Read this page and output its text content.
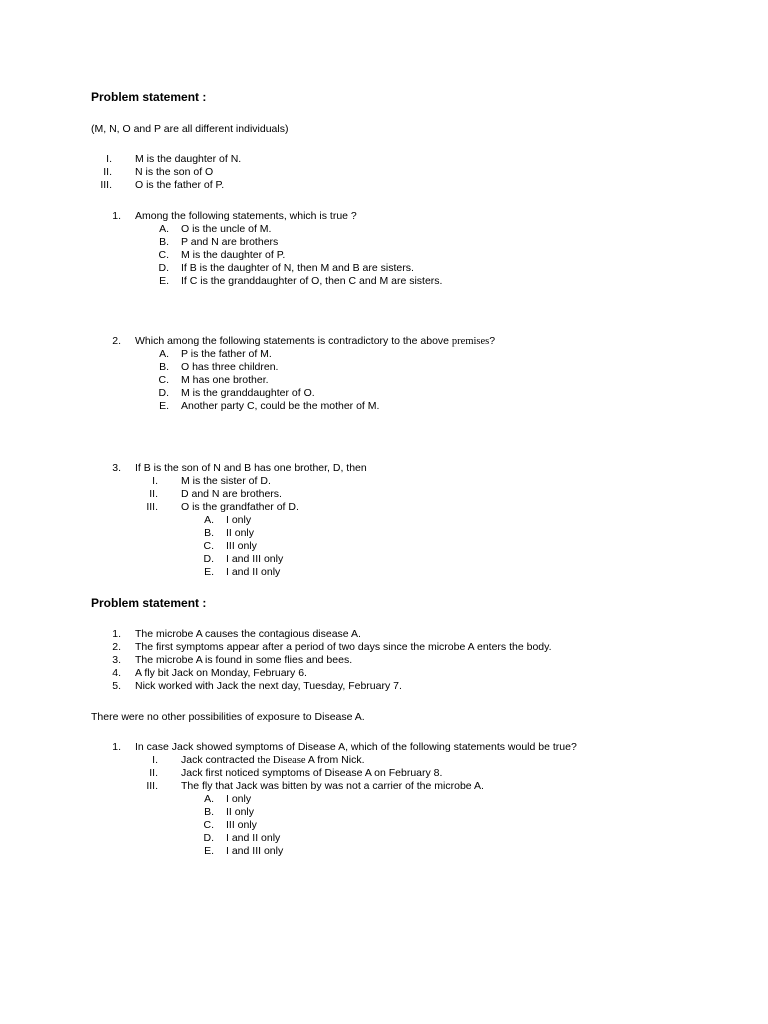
Problem statement :
(M, N, O and P are all different individuals)
I. M is the daughter of N.
II. N is the son of O
III. O is the father of P.
1. Among the following statements, which is true ?
A. O is the uncle of M.
B. P and N are brothers
C. M is the daughter of P.
D. If B is the daughter of N, then M and B are sisters.
E. If C is the granddaughter of O, then C and M are sisters.
2. Which among the following statements is contradictory to the above premises?
A. P is the father of M.
B. O has three children.
C. M has one brother.
D. M is the granddaughter of O.
E. Another party C, could be the mother of M.
3. If B is the son of N and B has one brother, D, then
I. M is the sister of D.
II. D and N are brothers.
III. O is the grandfather of D.
A. I only
B. II only
C. III only
D. I and III only
E. I and II only
Problem statement :
1. The microbe A causes the contagious disease A.
2. The first symptoms appear after a period of two days since the microbe A enters the body.
3. The microbe A is found in some flies and bees.
4. A fly bit Jack on Monday, February 6.
5. Nick worked with Jack the next day, Tuesday, February 7.
There were no other possibilities of exposure to Disease A.
1. In case Jack showed symptoms of Disease A, which of the following statements would be true?
I. Jack contracted the Disease A from Nick.
II. Jack first noticed symptoms of Disease A on February 8.
III. The fly that Jack was bitten by was not a carrier of the microbe A.
A. I only
B. II only
C. III only
D. I and II only
E. I and III only
